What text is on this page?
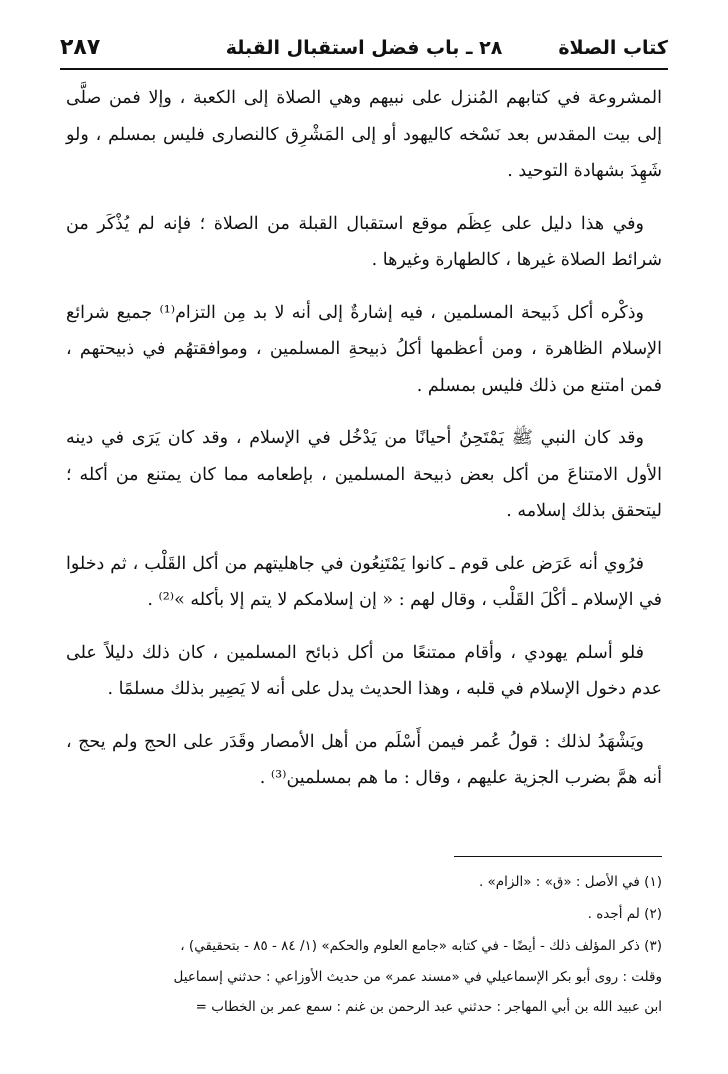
كتاب الصلاة
٢٨ ـ باب فضل استقبال القبلة
٢٨٧

المشروعة في كتابهم المُنزل على نبيهم وهي الصلاة إلى الكعبة ، وإلا فمن صلَّى إلى بيت المقدس بعد نَسْخه كاليهود أو إلى المَشْرِق كالنصارى فليس بمسلم ، ولو شَهِدَ بشهادة التوحيد .

وفي هذا دليل على عِظَم موقع استقبال القبلة من الصلاة ؛ فإنه لم يُذْكَر من شرائط الصلاة غيرها ، كالطهارة وغيرها .

وذكْره أكل ذَبيحة المسلمين ، فيه إشارةٌ إلى أنه لا بد مِن التزام⁽¹⁾ جميع شرائع الإسلام الظاهرة ، ومن أعظمها أكلُ ذبيحةِ المسلمين ، وموافقتهُم في ذبيحتهم ، فمن امتنع من ذلك فليس بمسلم .

وقد كان النبي ﷺ يَمْتَحِنُ أحيانًا من يَدْخُل في الإسلام ، وقد كان يَرَى في دينه الأول الامتناعَ من أكل بعض ذبيحة المسلمين ، بإطعامه مما كان يمتنع من أكله ؛ ليتحقق بذلك إسلامه .

فرُوي أنه عَرَض على قوم ـ كانوا يَمْتَنِعُون في جاهليتهم من أكل القَلْب ، ثم دخلوا في الإسلام ـ أكْلَ القَلْب ، وقال لهم : « إن إسلامكم لا يتم إلا بأكله »⁽²⁾ .

فلو أسلم يهودي ، وأقام ممتنعًا من أكل ذبائح المسلمين ، كان ذلك دليلاً على عدم دخول الإسلام في قلبه ، وهذا الحديث يدل على أنه لا يَصِير بذلك مسلمًا .

ويَشْهَدُ لذلك : قولُ عُمر فيمن أَسْلَم من أهل الأمصار وقَدَر على الحج ولم يحج ، أنه همَّ بضرب الجزية عليهم ، وقال : ما هم بمسلمين⁽³⁾ .

(١) في الأصل : «ق» : «الزام» .

(٢) لم أجده .

(٣) ذكر المؤلف ذلك - أيضًا - في كتابه «جامع العلوم والحكم» (١/ ٨٤ - ٨٥ - بتحقيقي) ،

وقلت : روى أبو بكر الإسماعيلي في «مسند عمر» من حديث الأوزاعي : حدثني إسماعيل

ابن عبيد الله بن أبي المهاجر : حدثني عبد الرحمن بن غنم : سمع عمر بن الخطاب =
